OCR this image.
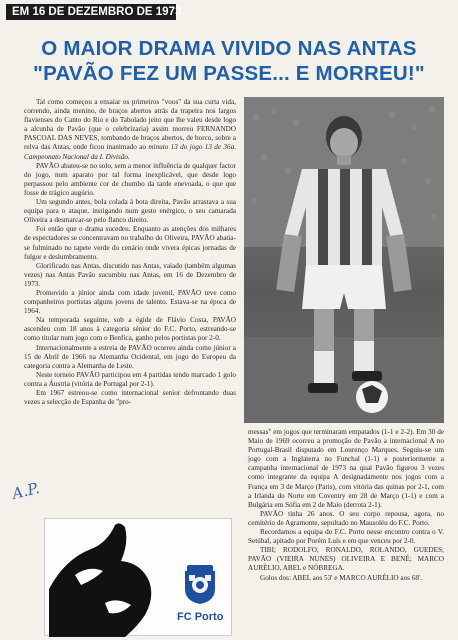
EM 16 DE DEZEMBRO DE 1973
O MAIOR DRAMA VIVIDO NAS ANTAS
"PAVÃO FEZ UM PASSE... E MORREU!"

Tal como começou a ensaiar os primeiros "voos" da sua curta vida, correndo, ainda menino, de braços abertos atrás da trapeira nos largos flavienses do Canto do Rio e do Tabolado jeito que lhe valeu desde logo a alcunha de Pavão (que o celebrizaria) assim morreu FERNANDO PASCOAL DAS NEVES, tombando de braços abertos, de borco, sobre a relva das Antas, onde ficou inanimado ao minuto 13 do jogo 13 de 36a. Campeonato Nacional da I. Divisão.

PAVÃO abateu-se no solo, sem a menor influência de qualquer factor do jogo, num aparato por tal forma inexplicável, que desde logo perpassou pelo ambiente cor de chumbo da tarde enevoada, o que que fosse de trágico augúrio.

Um segundo antes, bola colada à bota direita, Pavão arrastava a sua equipa para o ataque, instigando num gesto enérgico, o seu camarada Oliveira a desmarcar-se pelo flanco direito.

Foi então que o drama sucedeu. Enquanto as atenções dos milhares de espectadores se concentravam no trabalho do Oliveira, PAVÃO abatia-se fulminado no tapete verde do cenário onde vivera épicas jornadas de fulgor e deslumbramento.

Glorificado nas Antas, discutido nas Antas, vaiado (também algumas vezes) nas Antas Pavão sucumbiu nas Antas, em 16 de Dezembro de 1973.

Promovido a júnior ainda com idade juvenil, PAVÃO teve como companheiros portistas alguns jovens de talento. Estava-se na época de 1964.

Na temporada seguinte, sob a égide de Flávio Costa, PAVÃO ascendeu com 18 anos à categoria sénior do F.C. Porto, estreando-se como titular num jogo com o Benfica, ganho pelos portistas por 2-0.

Internacionalmente a estreia de PAVÃO ocorreu ainda como júnior a 15 de Abril de 1966 na Alemanha Ocidental, em jogo do Europeu da categoria contra a Alemanha de Leste.

Neste torneio PAVÃO participou em 4 partidas tendo marcado 1 golo contra a Áustria (vitória de Portugal por 2-1).

Em 1967 estreou-se como internacional senior defrontando duas vezes a selecção de Espanha de "pro-

messas" em jogos que terminaram empatados (1-1 e 2-2). Em 30 de Maio de 1969 ocorreu a promoção de Pavão a internacional A no Portugal-Brasil disputado em Lourenço Marques. Seguiu-se um jogo com a Inglaterra no Funchal (1-1) e posteriormente a campanha internacional de 1973 na qual Pavão figurou 3 vezes como integrante da equipa A designadamente nos jogos com a França em 3 de Março (Paris), com vitória das quinas por 2-1, com a Irlanda do Norte em Coventry em 28 de Março (1-1) e com a Bulgária em Sófia em 2 de Maio (derrota 2-1).

PAVÃO tinha 26 anos. O seu corpo repousa, agora, no cemitério de Agramonte, sepultado no Mausoléu do F.C. Porto.

Recordamos a equipa do F.C. Porto nesse encontro contra o V. Setúbal, apitado por Porém Luís e em que venceu por 2-0.

TIBI; RODOLFO, RONALDO, ROLANDO, GUEDES; PAVÃO (VIEIRA NUNES) OLIVEIRA E BENÉ; MARCO AURÉLIO, ABEL e NÓBREGA.

Golos dos: ABEL aos 53' e MARCO AURÉLIO aos 68'.

A.P.
FC Porto
